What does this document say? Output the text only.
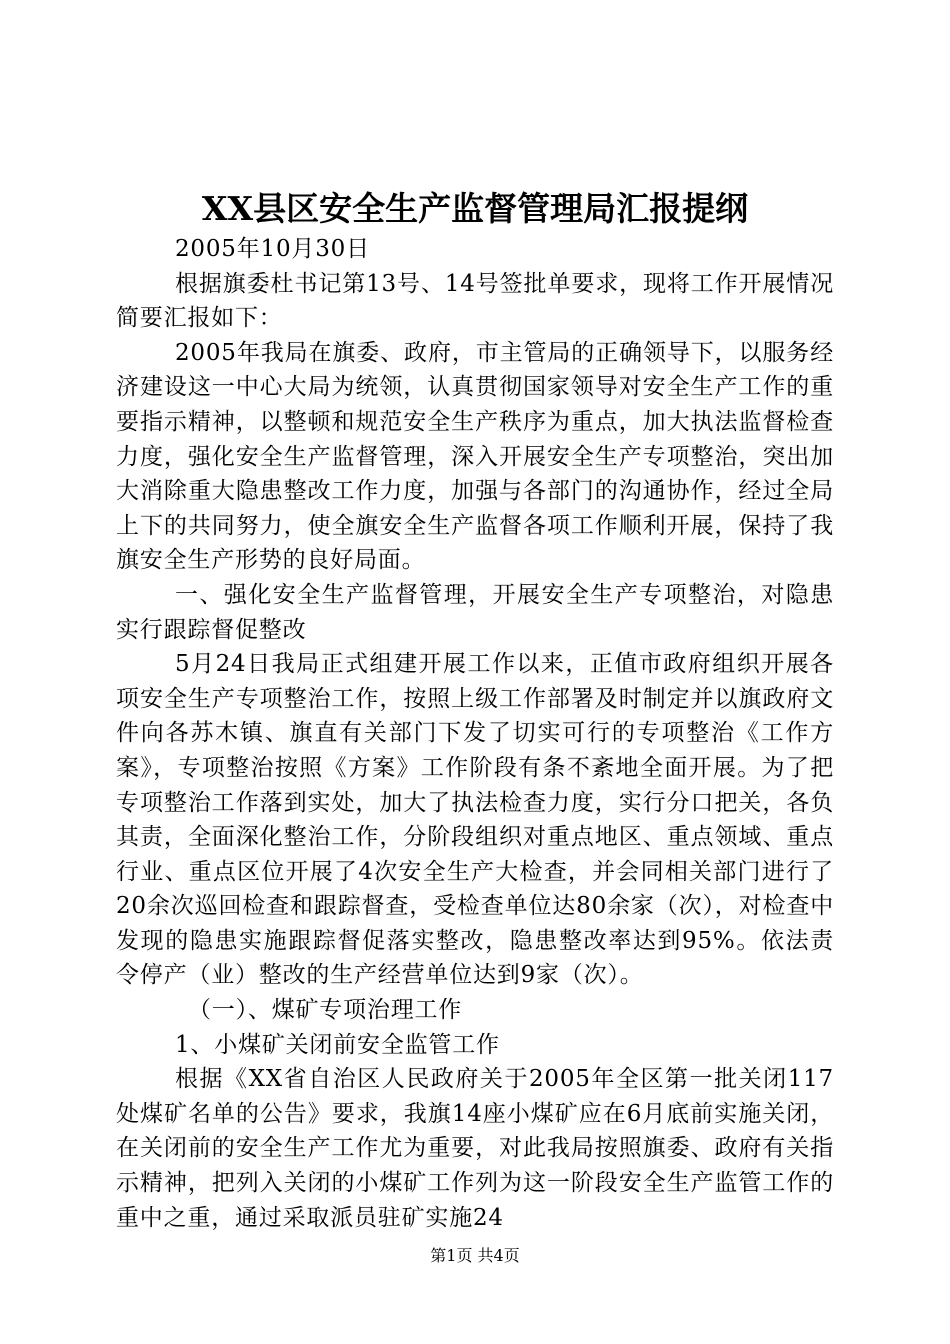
XX县区安全生产监督管理局汇报提纲

2005年10月30日

根据旗委杜书记第13号、14号签批单要求，现将工作开展情况简要汇报如下：

2005年我局在旗委、政府，市主管局的正确领导下，以服务经济建设这一中心大局为统领，认真贯彻国家领导对安全生产工作的重要指示精神，以整顿和规范安全生产秩序为重点，加大执法监督检查力度，强化安全生产监督管理，深入开展安全生产专项整治，突出加大消除重大隐患整改工作力度，加强与各部门的沟通协作，经过全局上下的共同努力，使全旗安全生产监督各项工作顺利开展，保持了我旗安全生产形势的良好局面。

一、强化安全生产监督管理，开展安全生产专项整治，对隐患实行跟踪督促整改

5月24日我局正式组建开展工作以来，正值市政府组织开展各项安全生产专项整治工作，按照上级工作部署及时制定并以旗政府文件向各苏木镇、旗直有关部门下发了切实可行的专项整治《工作方案》，专项整治按照《方案》工作阶段有条不紊地全面开展。为了把专项整治工作落到实处，加大了执法检查力度，实行分口把关，各负其责，全面深化整治工作，分阶段组织对重点地区、重点领域、重点行业、重点区位开展了4次安全生产大检查，并会同相关部门进行了20余次巡回检查和跟踪督查，受检查单位达80余家（次），对检查中发现的隐患实施跟踪督促落实整改，隐患整改率达到95%。依法责令停产（业）整改的生产经营单位达到9家（次）。

（一）、煤矿专项治理工作

1、小煤矿关闭前安全监管工作

根据《XX省自治区人民政府关于2005年全区第一批关闭117处煤矿名单的公告》要求，我旗14座小煤矿应在6月底前实施关闭，在关闭前的安全生产工作尤为重要，对此我局按照旗委、政府有关指示精神，把列入关闭的小煤矿工作列为这一阶段安全生产监管工作的重中之重，通过采取派员驻矿实施24

第1页 共4页
